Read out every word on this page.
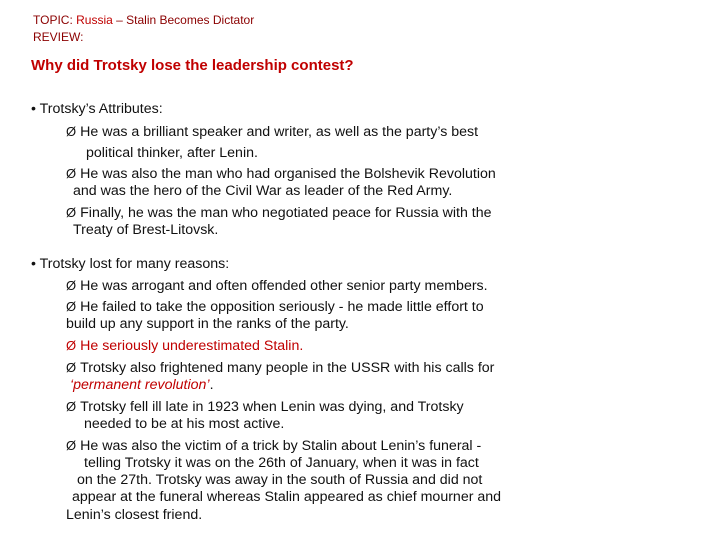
TOPIC: Russia – Stalin Becomes Dictator
REVIEW:
Why did Trotsky lose the leadership contest?
• Trotsky’s Attributes:
Ø He was a brilliant speaker and writer, as well as the party’s best
political thinker, after Lenin.
Ø He was also the man who had organised the Bolshevik Revolution
and was the hero of the Civil War as leader of the Red Army.
Ø Finally, he was the man who negotiated peace for Russia with the
Treaty of Brest-Litovsk.
• Trotsky lost for many reasons:
Ø He was arrogant and often offended other senior party members.
Ø He failed to take the opposition seriously - he made little effort to
build up any support in the ranks of the party.
Ø He seriously underestimated Stalin.
Ø Trotsky also frightened many people in the USSR with his calls for
‘permanent revolution’.
Ø Trotsky fell ill late in 1923 when Lenin was dying, and Trotsky
needed to be at his most active.
Ø He was also the victim of a trick by Stalin about Lenin’s funeral -
telling Trotsky it was on the 26th of January, when it was in fact
on the 27th. Trotsky was away in the south of Russia and did not
appear at the funeral whereas Stalin appeared as chief mourner and
Lenin’s closest friend.
